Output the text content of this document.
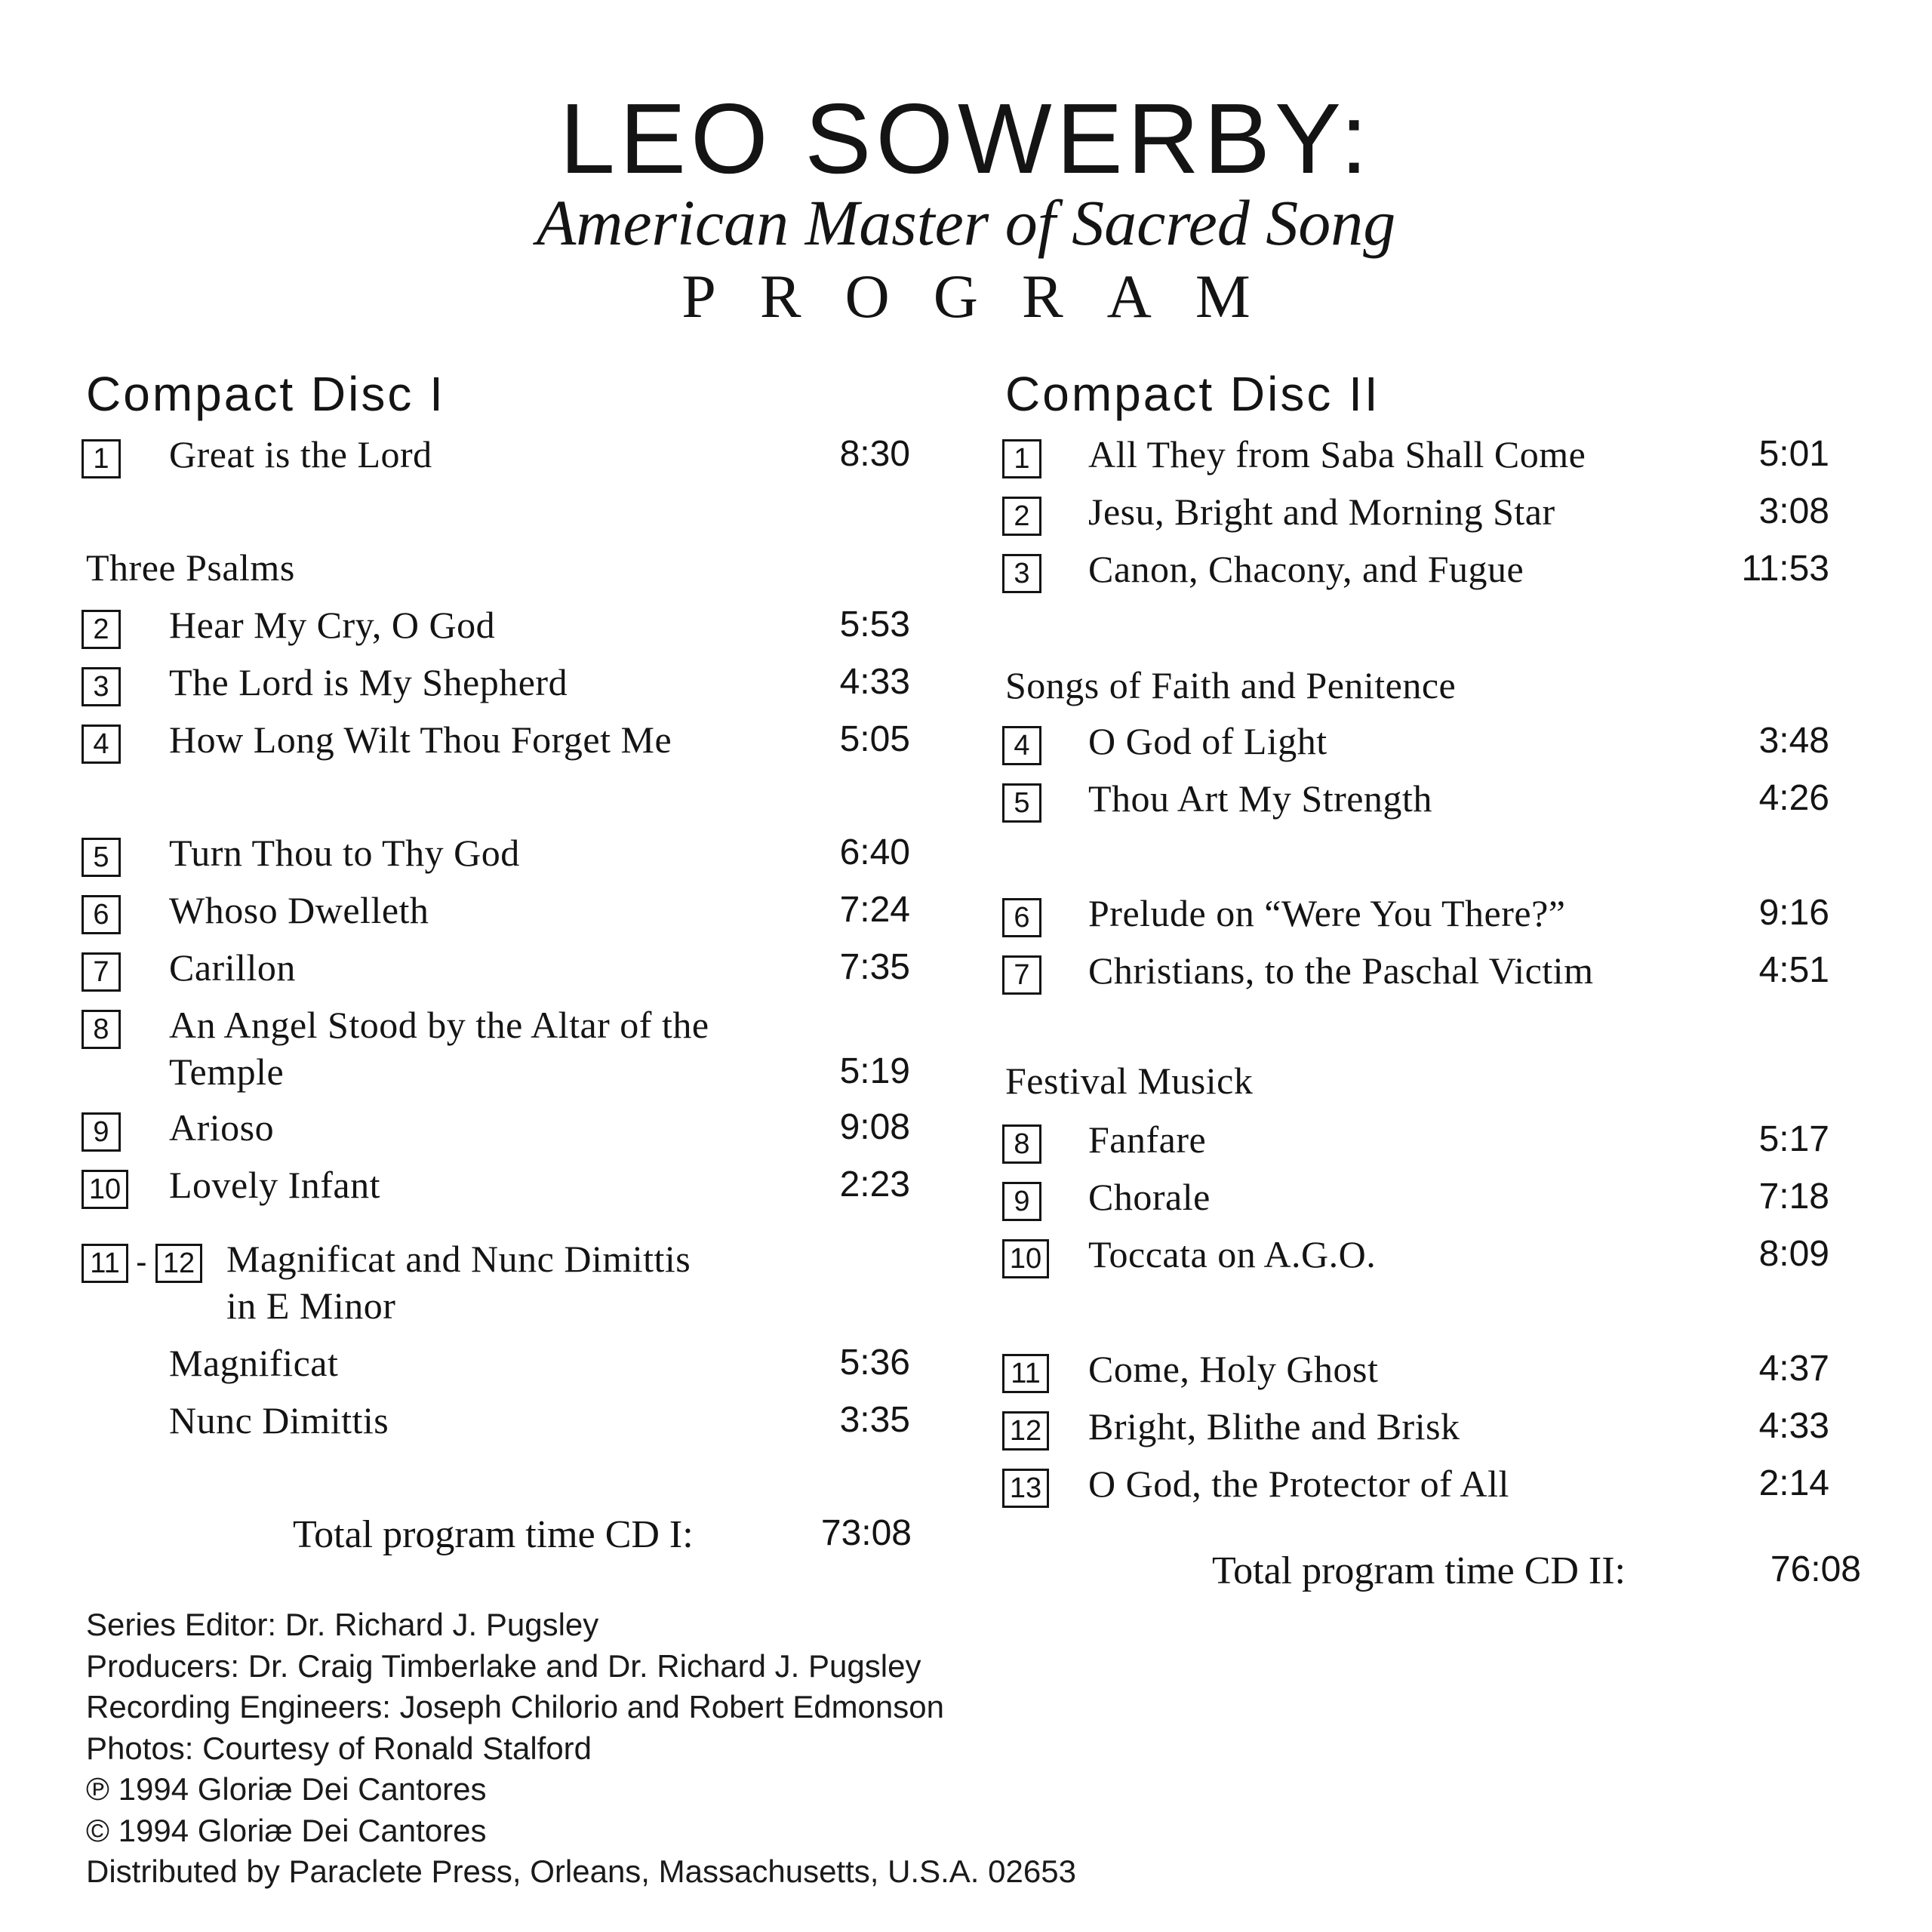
LEO SOWERBY:
American Master of Sacred Song
PROGRAM
Compact Disc I
1	Great is the Lord	8:30
Three Psalms
2	Hear My Cry, O God	5:53
3	The Lord is My Shepherd	4:33
4	How Long Wilt Thou Forget Me	5:05
5	Turn Thou to Thy God	6:40
6	Whoso Dwelleth	7:24
7	Carillon	7:35
8	An Angel Stood by the Altar of the
Temple	5:19
9	Arioso	9:08
10 Lovely Infant	2:23
11 - 12 Magnificat and Nunc Dimittis
in E Minor
Magnificat	5:36
Nunc Dimittis	3:35
Total program time CD I:	73:08
Compact Disc II
1	All They from Saba Shall Come	5:01
2	Jesu, Bright and Morning Star	3:08
3	Canon, Chacony, and Fugue	11:53
Songs of Faith and Penitence
4	O God of Light	3:48
5	Thou Art My Strength	4:26
6	Prelude on “Were You There?”	9:16
7	Christians, to the Paschal Victim	4:51
Festival Musick
8	Fanfare	5:17
9	Chorale	7:18
10 Toccata on A.G.O.	8:09
11 Come, Holy Ghost	4:37
12 Bright, Blithe and Brisk	4:33
13 O God, the Protector of All	2:14
Total program time CD II:	76:08
Series Editor: Dr. Richard J. Pugsley
Producers: Dr. Craig Timberlake and Dr. Richard J. Pugsley
Recording Engineers: Joseph Chilorio and Robert Edmonson
Photos: Courtesy of Ronald Stalford
℗ 1994 Gloriæ Dei Cantores
© 1994 Gloriæ Dei Cantores
Distributed by Paraclete Press, Orleans, Massachusetts, U.S.A. 02653
